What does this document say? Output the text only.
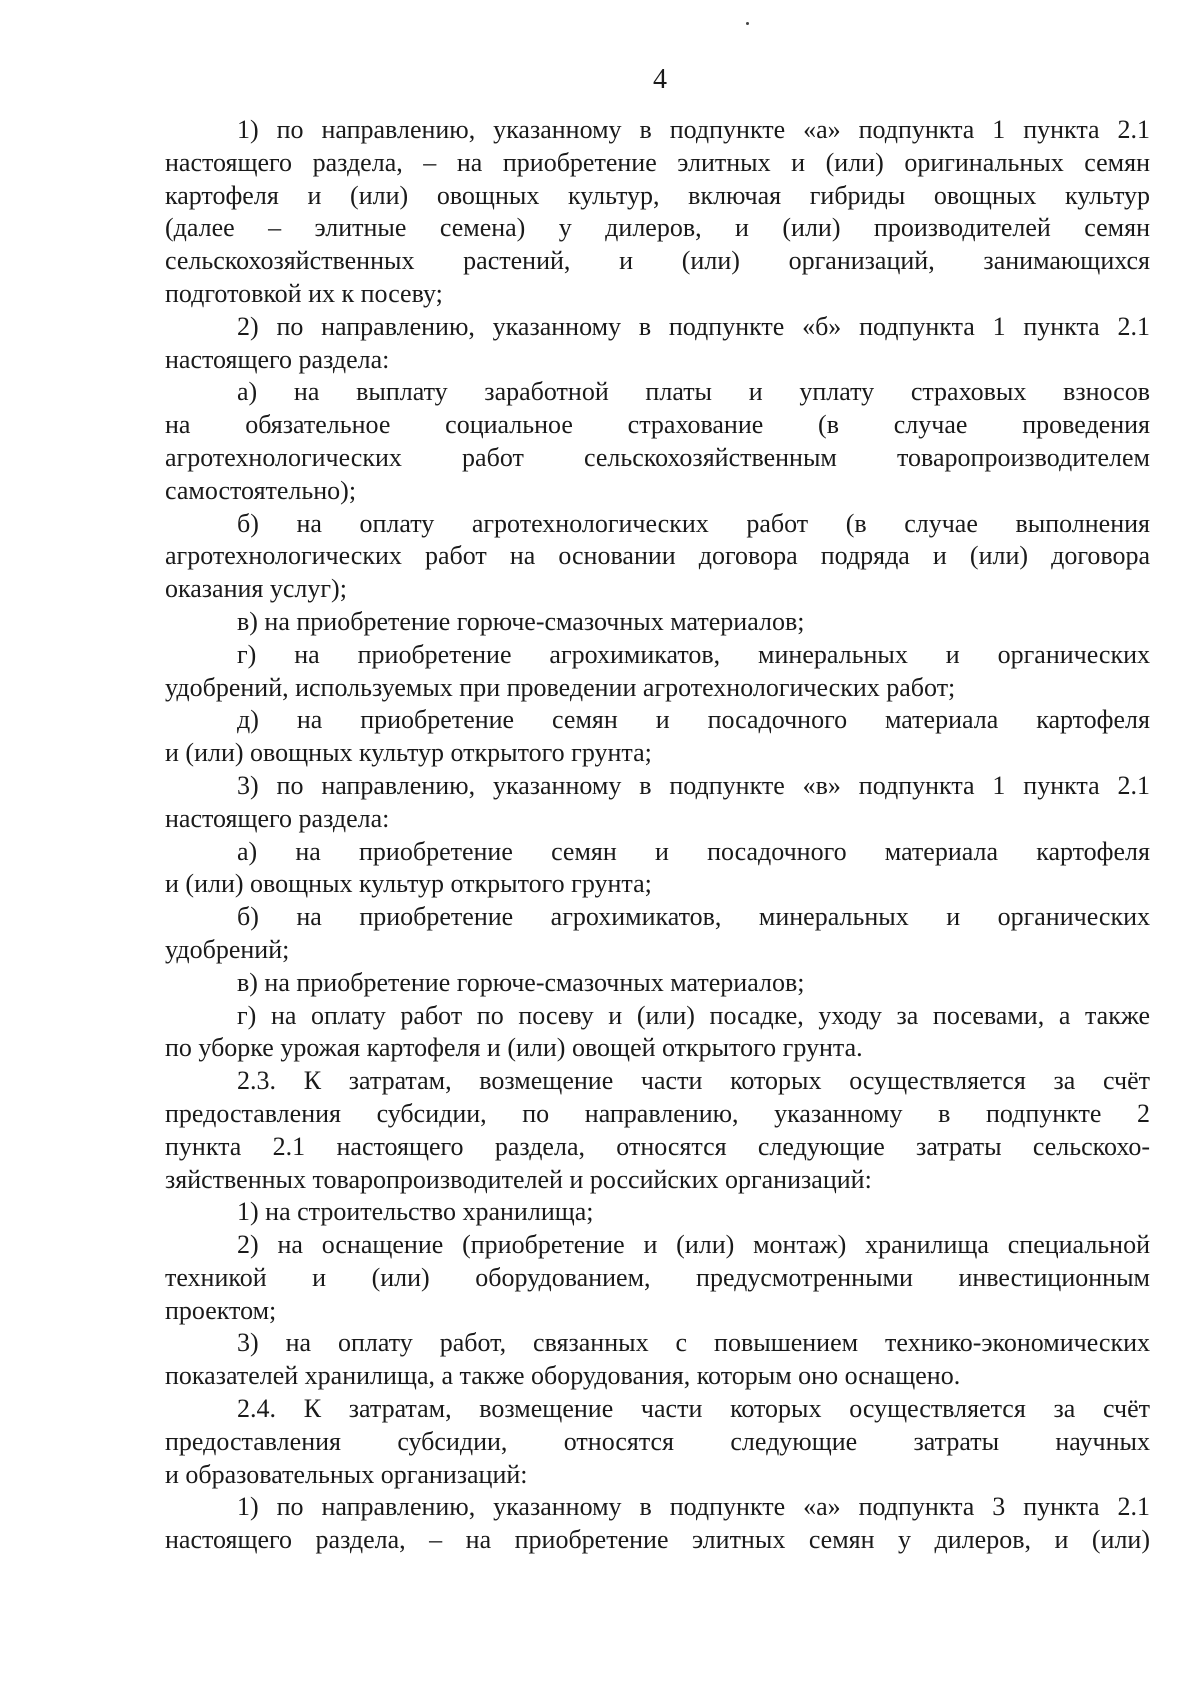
4

1) по направлению, указанному в подпункте «а» подпункта 1 пункта 2.1

настоящего раздела, – на приобретение элитных и (или) оригинальных семян

картофеля и (или) овощных культур, включая гибриды овощных культур

(далее – элитные семена) у дилеров, и (или) производителей семян

сельскохозяйственных растений, и (или) организаций, занимающихся

подготовкой их к посеву;

2) по направлению, указанному в подпункте «б» подпункта 1 пункта 2.1

настоящего раздела:

а) на выплату заработной платы и уплату страховых взносов

на обязательное социальное страхование (в случае проведения

агротехнологических работ сельскохозяйственным товаропроизводителем

самостоятельно);

б) на оплату агротехнологических работ (в случае выполнения

агротехнологических работ на основании договора подряда и (или) договора

оказания услуг);

в) на приобретение горюче-смазочных материалов;

г) на приобретение агрохимикатов, минеральных и органических

удобрений, используемых при проведении агротехнологических работ;

д) на приобретение семян и посадочного материала картофеля

и (или) овощных культур открытого грунта;

3) по направлению, указанному в подпункте «в» подпункта 1 пункта 2.1

настоящего раздела:

а) на приобретение семян и посадочного материала картофеля

и (или) овощных культур открытого грунта;

б) на приобретение агрохимикатов, минеральных и органических

удобрений;

в) на приобретение горюче-смазочных материалов;

г) на оплату работ по посеву и (или) посадке, уходу за посевами, а также

по уборке урожая картофеля и (или) овощей открытого грунта.

2.3. К затратам, возмещение части которых осуществляется за счёт

предоставления субсидии, по направлению, указанному в подпункте 2

пункта 2.1 настоящего раздела, относятся следующие затраты сельскохо-

зяйственных товаропроизводителей и российских организаций:

1) на строительство хранилища;

2) на оснащение (приобретение и (или) монтаж) хранилища специальной

техникой и (или) оборудованием, предусмотренными инвестиционным

проектом;

3) на оплату работ, связанных с повышением технико-экономических

показателей хранилища, а также оборудования, которым оно оснащено.

2.4. К затратам, возмещение части которых осуществляется за счёт

предоставления субсидии, относятся следующие затраты научных

и образовательных организаций:

1) по направлению, указанному в подпункте «а» подпункта 3 пункта 2.1

настоящего раздела, – на приобретение элитных семян у дилеров, и (или)
